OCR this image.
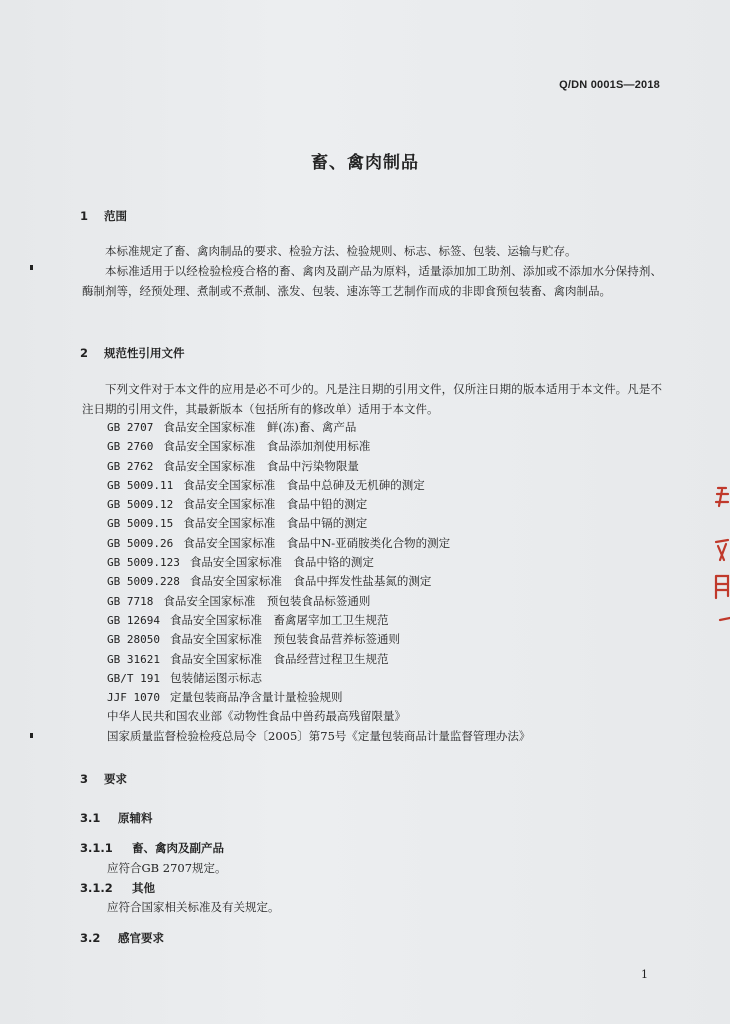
Q/DN 0001S—2018
畜、禽肉制品
1 范围
本标准规定了畜、禽肉制品的要求、检验方法、检验规则、标志、标签、包装、运输与贮存。
本标准适用于以经检验检疫合格的畜、禽肉及副产品为原料，适量添加加工助剂、添加或不添加水分保持剂、酶制剂等，经预处理、煮制或不煮制、涨发、包装、速冻等工艺制作而成的非即食预包装畜、禽肉制品。
2 规范性引用文件
下列文件对于本文件的应用是必不可少的。凡是注日期的引用文件，仅所注日期的版本适用于本文件。凡是不注日期的引用文件，其最新版本（包括所有的修改单）适用于本文件。
GB 2707 食品安全国家标准　鲜(冻)畜、禽产品
GB 2760 食品安全国家标准　食品添加剂使用标准
GB 2762 食品安全国家标准　食品中污染物限量
GB 5009.11 食品安全国家标准　食品中总砷及无机砷的测定
GB 5009.12 食品安全国家标准　食品中铅的测定
GB 5009.15 食品安全国家标准　食品中镉的测定
GB 5009.26 食品安全国家标准　食品中N-亚硝胺类化合物的测定
GB 5009.123 食品安全国家标准　食品中铬的测定
GB 5009.228 食品安全国家标准　食品中挥发性盐基氮的测定
GB 7718 食品安全国家标准　预包装食品标签通则
GB 12694 食品安全国家标准　畜禽屠宰加工卫生规范
GB 28050 食品安全国家标准　预包装食品营养标签通则
GB 31621 食品安全国家标准　食品经营过程卫生规范
GB/T 191 包装储运图示标志
JJF 1070 定量包装商品净含量计量检验规则
中华人民共和国农业部《动物性食品中兽药最高残留限量》
国家质量监督检验检疫总局令〔2005〕第75号《定量包装商品计量监督管理办法》
3 要求
3.1 原辅料
3.1.1 畜、禽肉及副产品
应符合GB 2707规定。
3.1.2 其他
应符合国家相关标准及有关规定。
3.2 感官要求
1
